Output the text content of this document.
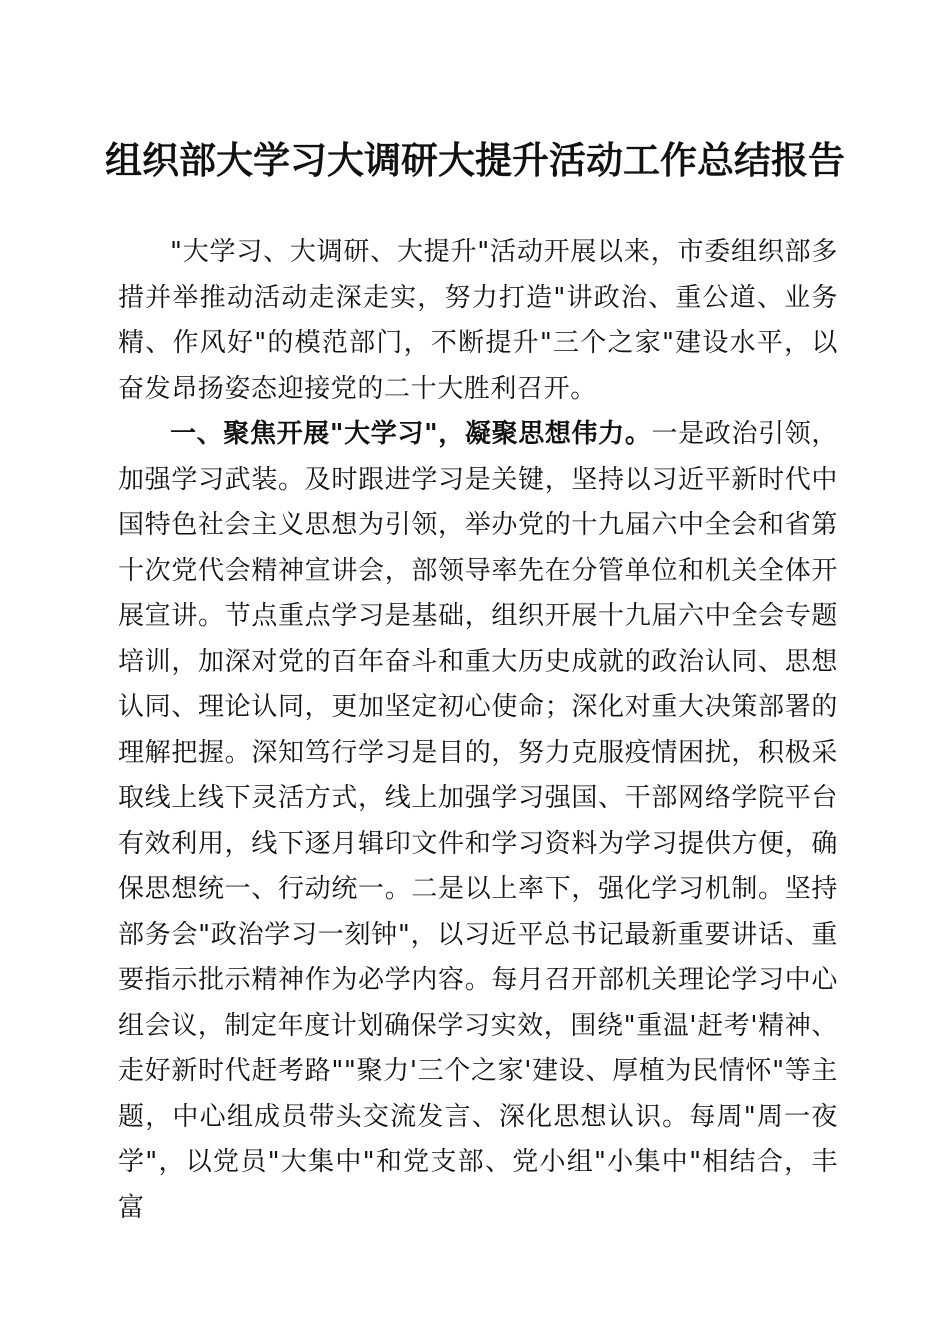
组织部大学习大调研大提升活动工作总结报告

"大学习、大调研、大提升"活动开展以来，市委组织部多措并举推动活动走深走实，努力打造"讲政治、重公道、业务精、作风好"的模范部门，不断提升"三个之家"建设水平，以奋发昂扬姿态迎接党的二十大胜利召开。

一、聚焦开展"大学习"，凝聚思想伟力。一是政治引领，加强学习武装。及时跟进学习是关键，坚持以习近平新时代中国特色社会主义思想为引领，举办党的十九届六中全会和省第十次党代会精神宣讲会，部领导率先在分管单位和机关全体开展宣讲。节点重点学习是基础，组织开展十九届六中全会专题培训，加深对党的百年奋斗和重大历史成就的政治认同、思想认同、理论认同，更加坚定初心使命；深化对重大决策部署的理解把握。深知笃行学习是目的，努力克服疫情困扰，积极采取线上线下灵活方式，线上加强学习强国、干部网络学院平台有效利用，线下逐月辑印文件和学习资料为学习提供方便，确保思想统一、行动统一。二是以上率下，强化学习机制。坚持部务会"政治学习一刻钟"，以习近平总书记最新重要讲话、重要指示批示精神作为必学内容。每月召开部机关理论学习中心组会议，制定年度计划确保学习实效，围绕"重温'赶考'精神、走好新时代赶考路""聚力'三个之家'建设、厚植为民情怀"等主题，中心组成员带头交流发言、深化思想认识。每周"周一夜学"，以党员"大集中"和党支部、党小组"小集中"相结合，丰富
